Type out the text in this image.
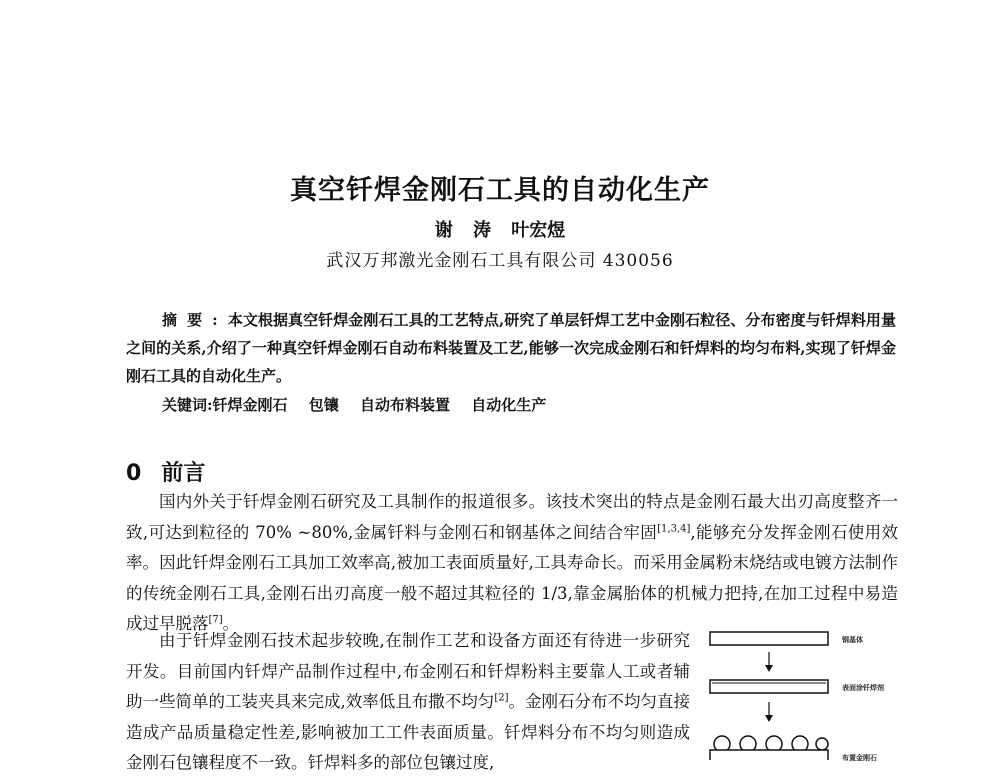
真空钎焊金刚石工具的自动化生产
谢 涛 叶宏煜
武汉万邦激光金刚石工具有限公司 430056
摘要:本文根据真空钎焊金刚石工具的工艺特点,研究了单层钎焊工艺中金刚石粒径、分布密度与钎焊料用量之间的关系,介绍了一种真空钎焊金刚石自动布料装置及工艺,能够一次完成金刚石和钎焊料的均匀布料,实现了钎焊金刚石工具的自动化生产。
关键词:钎焊金刚石 包镶 自动布料装置 自动化生产
0 前言
国内外关于钎焊金刚石研究及工具制作的报道很多。该技术突出的特点是金刚石最大出刃高度整齐一致,可达到粒径的 70% ~80%,金属钎料与金刚石和钢基体之间结合牢固[1,3,4],能够充分发挥金刚石使用效率。因此钎焊金刚石工具加工效率高,被加工表面质量好,工具寿命长。而采用金属粉末烧结或电镀方法制作的传统金刚石工具,金刚石出刃高度一般不超过其粒径的 1/3,靠金属胎体的机械力把持,在加工过程中易造成过早脱落[7]。
由于钎焊金刚石技术起步较晚,在制作工艺和设备方面还有待进一步研究开发。目前国内钎焊产品制作过程中,布金刚石和钎焊粉料主要靠人工或者辅助一些简单的工装夹具来完成,效率低且布撒不均匀[2]。金刚石分布不均匀直接造成产品质量稳定性差,影响被加工工件表面质量。钎焊料分布不均匀则造成金刚石包镶程度不一致。钎焊料多的部位包镶过度,
钢基体
表面涂钎焊剂
布置金刚石
